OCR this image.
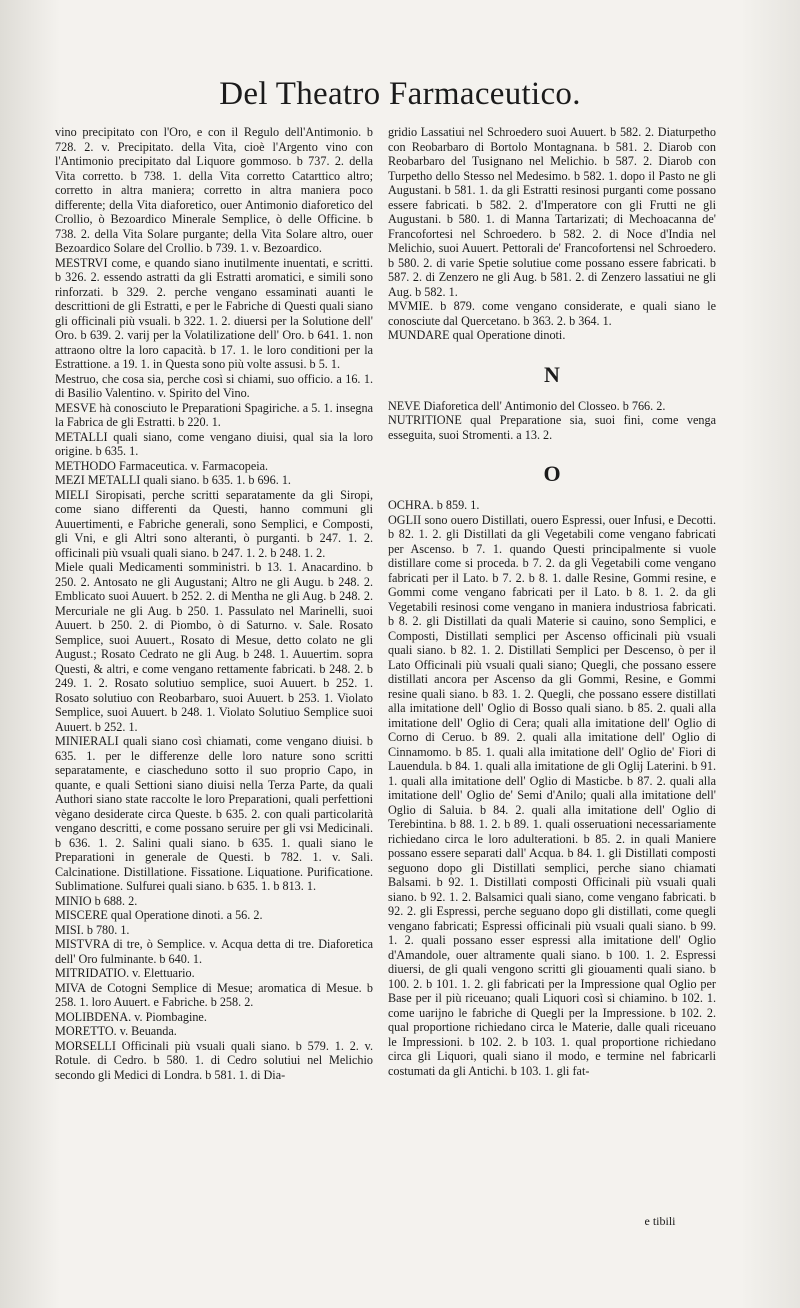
Del Theatro Farmaceutico.

vino precipitato con l'Oro, e con il Regulo dell'Antimonio. b 728. 2. v. Precipitato. della Vita, cioè l'Argento vino con l'Antimonio precipitato dal Liquore gommoso. b 737. 2. della Vita corretto. b 738. 1. della Vita corretto Catarttico altro; corretto in altra maniera; corretto in altra maniera poco differente; della Vita diaforetico, ouer Antimonio diaforetico del Crollio, ò Bezoardico Minerale Semplice, ò delle Officine. b 738. 2. della Vita Solare purgante; della Vita Solare altro, ouer Bezoardico Solare del Crollio. b 739. 1. v. Bezoardico.

MESTRVI come, e quando siano inutilmente inuentati, e scritti. b 326. 2. essendo astratti da gli Estratti aromatici, e simili sono rinforzati. b 329. 2. perche vengano essaminati auanti le descrittioni de gli Estratti, e per le Fabriche di Questi quali siano gli officinali più vsuali. b 322. 1. 2. diuersi per la Solutione dell' Oro. b 639. 2. varij per la Volatilizatione dell' Oro. b 641. 1. non attraono oltre la loro capacità. b 17. 1. le loro conditioni per la Estrattione. a 19. 1. in Questa sono più volte assusi. b 5. 1.

Mestruo, che cosa sia, perche così si chiami, suo officio. a 16. 1. di Basilio Valentino. v. Spirito del Vino.

MESVE hà conosciuto le Preparationi Spagiriche. a 5. 1. insegna la Fabrica de gli Estratti. b 220. 1.

METALLI quali siano, come vengano diuisi, qual sia la loro origine. b 635. 1.

METHODO Farmaceutica. v. Farmacopeia.

MEZI METALLI quali siano. b 635. 1. b 696. 1.

MIELI Siropisati, perche scritti separatamente da gli Siropi, come siano differenti da Questi, hanno communi gli Auuertimenti, e Fabriche generali, sono Semplici, e Composti, gli Vni, e gli Altri sono alteranti, ò purganti. b 247. 1. 2. officinali più vsuali quali siano. b 247. 1. 2. b 248. 1. 2.

Miele quali Medicamenti somministri. b 13. 1. Anacardino. b 250. 2. Antosato ne gli Augustani; Altro ne gli Augu. b 248. 2. Emblicato suoi Auuert. b 252. 2. di Mentha ne gli Aug. b 248. 2. Mercuriale ne gli Aug. b 250. 1. Passulato nel Marinelli, suoi Auuert. b 250. 2. di Piombo, ò di Saturno. v. Sale. Rosato Semplice, suoi Auuert., Rosato di Mesue, detto colato ne gli August.; Rosato Cedrato ne gli Aug. b 248. 1. Auuertim. sopra Questi, & altri, e come vengano rettamente fabricati. b 248. 2. b 249. 1. 2. Rosato solutiuo semplice, suoi Auuert. b 252. 1. Rosato solutiuo con Reobarbaro, suoi Auuert. b 253. 1. Violato Semplice, suoi Auuert. b 248. 1. Violato Solutiuo Semplice suoi Auuert. b 252. 1.

MINIERALI quali siano così chiamati, come vengano diuisi. b 635. 1. per le differenze delle loro nature sono scritti separatamente, e ciascheduno sotto il suo proprio Capo, in quante, e quali Settioni siano diuisi nella Terza Parte, da quali Authori siano state raccolte le loro Preparationi, quali perfettioni vègano desiderate circa Queste. b 635. 2. con quali particolarità vengano descritti, e come possano seruire per gli vsi Medicinali. b 636. 1. 2. Salini quali siano. b 635. 1. quali siano le Preparationi in generale de Questi. b 782. 1. v. Sali. Calcinatione. Distillatione. Fissatione. Liquatione. Purificatione. Sublimatione. Sulfurei quali siano. b 635. 1. b 813. 1.

MINIO b 688. 2.

MISCERE qual Operatione dinoti. a 56. 2.

MISI. b 780. 1.

MISTVRA di tre, ò Semplice. v. Acqua detta di tre. Diaforetica dell' Oro fulminante. b 640. 1.

MITRIDATIO. v. Elettuario.

MIVA de Cotogni Semplice di Mesue; aromatica di Mesue. b 258. 1. loro Auuert. e Fabriche. b 258. 2.

MOLIBDENA. v. Piombagine.

MORETTO. v. Beuanda.

MORSELLI Officinali più vsuali quali siano. b 579. 1. 2. v. Rotule. di Cedro. b 580. 1. di Cedro solutiui nel Melichio secondo gli Medici di Londra. b 581. 1. di Dia-

gridio Lassatiui nel Schroedero suoi Auuert. b 582. 2. Diaturpetho con Reobarbaro di Bortolo Montagnana. b 581. 2. Diarob con Reobarbaro del Tusignano nel Melichio. b 587. 2. Diarob con Turpetho dello Stesso nel Medesimo. b 582. 1. dopo il Pasto ne gli Augustani. b 581. 1. da gli Estratti resinosi purganti come possano essere fabricati. b 582. 2. d'Imperatore con gli Frutti ne gli Augustani. b 580. 1. di Manna Tartarizati; di Mechoacanna de' Francofortesi nel Schroedero. b 582. 2. di Noce d'India nel Melichio, suoi Auuert. Pettorali de' Francofortensi nel Schroedero. b 580. 2. di varie Spetie solutiue come possano essere fabricati. b 587. 2. di Zenzero ne gli Aug. b 581. 2. di Zenzero lassatiui ne gli Aug. b 582. 1.

MVMIE. b 879. come vengano considerate, e quali siano le conosciute dal Quercetano. b 363. 2. b 364. 1.

MUNDARE qual Operatione dinoti.

N

NEVE Diaforetica dell' Antimonio del Closseo. b 766. 2.

NUTRITIONE qual Preparatione sia, suoi fini, come venga esseguita, suoi Stromenti. a 13. 2.

O

OCHRA. b 859. 1.

OGLII sono ouero Distillati, ouero Espressi, ouer Infusi, e Decotti. b 82. 1. 2. gli Distillati da gli Vegetabili come vengano fabricati per Ascenso. b 7. 1. quando Questi principalmente si vuole distillare come si proceda. b 7. 2. da gli Vegetabili come vengano fabricati per il Lato. b 7. 2. b 8. 1. dalle Resine, Gommi resine, e Gommi come vengano fabricati per il Lato. b 8. 1. 2. da gli Vegetabili resinosi come vengano in maniera industriosa fabricati. b 8. 2. gli Distillati da quali Materie si cauino, sono Semplici, e Composti, Distillati semplici per Ascenso officinali più vsuali quali siano. b 82. 1. 2. Distillati Semplici per Descenso, ò per il Lato Officinali più vsuali quali siano; Quegli, che possano essere distillati ancora per Ascenso da gli Gommi, Resine, e Gommi resine quali siano. b 83. 1. 2. Quegli, che possano essere distillati alla imitatione dell' Oglio di Bosso quali siano. b 85. 2. quali alla imitatione dell' Oglio di Cera; quali alla imitatione dell' Oglio di Corno di Ceruo. b 89. 2. quali alla imitatione dell' Oglio di Cinnamomo. b 85. 1. quali alla imitatione dell' Oglio de' Fiori di Lauendula. b 84. 1. quali alla imitatione de gli Oglij Laterini. b 91. 1. quali alla imitatione dell' Oglio di Masticbe. b 87. 2. quali alla imitatione dell' Oglio de' Semi d'Anilo; quali alla imitatione dell' Oglio di Saluia. b 84. 2. quali alla imitatione dell' Oglio di Terebintina. b 88. 1. 2. b 89. 1. quali osseruationi necessariamente richiedano circa le loro adulterationi. b 85. 2. in quali Maniere possano essere separati dall' Acqua. b 84. 1. gli Distillati composti seguono dopo gli Distillati semplici, perche siano chiamati Balsami. b 92. 1. Distillati composti Officinali più vsuali quali siano. b 92. 1. 2. Balsamici quali siano, come vengano fabricati. b 92. 2. gli Espressi, perche seguano dopo gli distillati, come quegli vengano fabricati; Espressi officinali più vsuali quali siano. b 99. 1. 2. quali possano esser espressi alla imitatione dell' Oglio d'Amandole, ouer altramente quali siano. b 100. 1. 2. Espressi diuersi, de gli quali vengono scritti gli giouamenti quali siano. b 100. 2. b 101. 1. 2. gli fabricati per la Impressione qual Oglio per Base per il più riceuano; quali Liquori così si chiamino. b 102. 1. come uarijno le fabriche di Quegli per la Impressione. b 102. 2. qual proportione richiedano circa le Materie, dalle quali riceuano le Impressioni. b 102. 2. b 103. 1. qual proportione richiedano circa gli Liquori, quali siano il modo, e termine nel fabricarli costumati da gli Antichi. b 103. 1. gli fat-

e tibili
